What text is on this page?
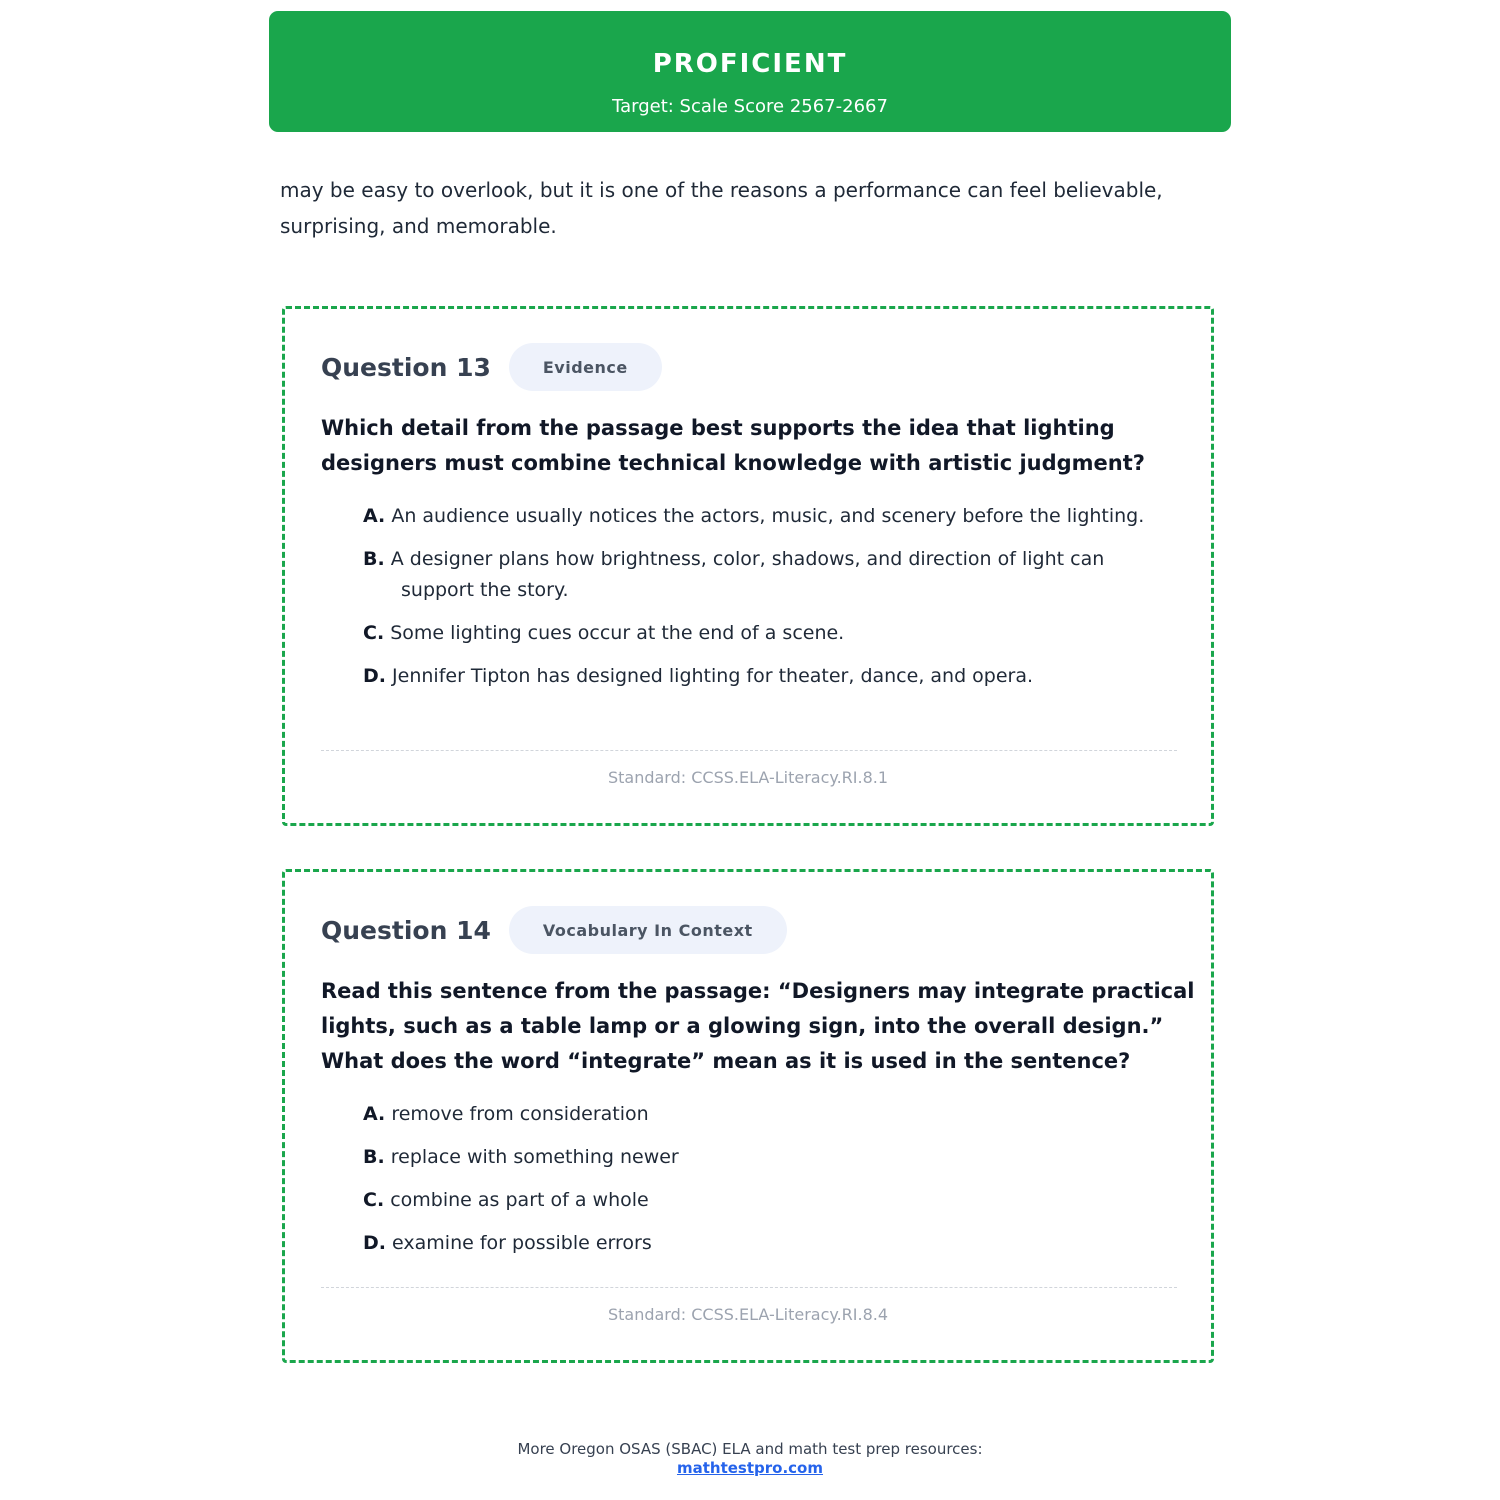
PROFICIENT
Target: Scale Score 2567-2667
may be easy to overlook, but it is one of the reasons a performance can feel believable, surprising, and memorable.
Question 13	Evidence
Which detail from the passage best supports the idea that lighting designers must combine technical knowledge with artistic judgment?
A. An audience usually notices the actors, music, and scenery before the lighting.
B. A designer plans how brightness, color, shadows, and direction of light can support the story.
C. Some lighting cues occur at the end of a scene.
D. Jennifer Tipton has designed lighting for theater, dance, and opera.
Standard: CCSS.ELA-Literacy.RI.8.1
Question 14	Vocabulary In Context
Read this sentence from the passage: “Designers may integrate practical lights, such as a table lamp or a glowing sign, into the overall design.” What does the word “integrate” mean as it is used in the sentence?
A. remove from consideration
B. replace with something newer
C. combine as part of a whole
D. examine for possible errors
Standard: CCSS.ELA-Literacy.RI.8.4
More Oregon OSAS (SBAC) ELA and math test prep resources:
mathtestpro.com
